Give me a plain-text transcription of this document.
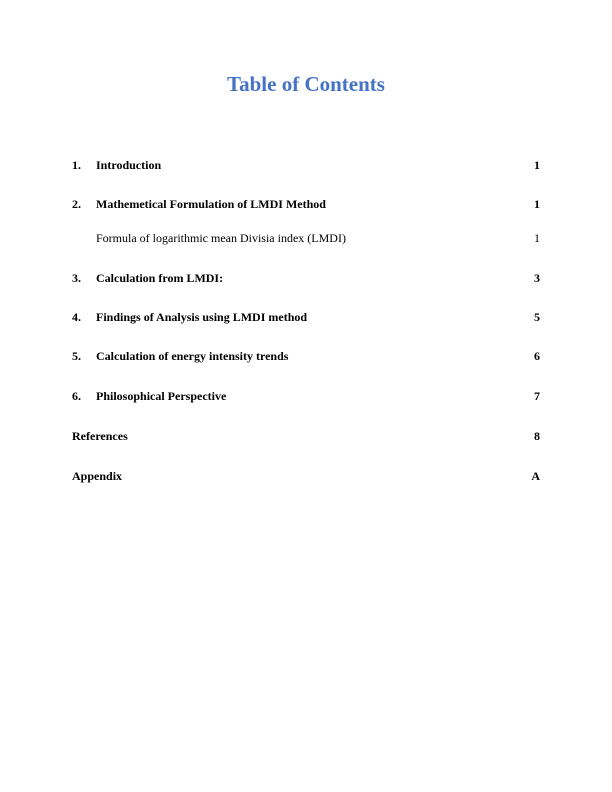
Table of Contents
1. Introduction	1
2. Mathemetical Formulation of LMDI Method	1
Formula of logarithmic mean Divisia index (LMDI)	1
3. Calculation from LMDI:	3
4. Findings of Analysis using LMDI method	5
5. Calculation of energy intensity trends	6
6. Philosophical Perspective	7
References	8
Appendix	A
